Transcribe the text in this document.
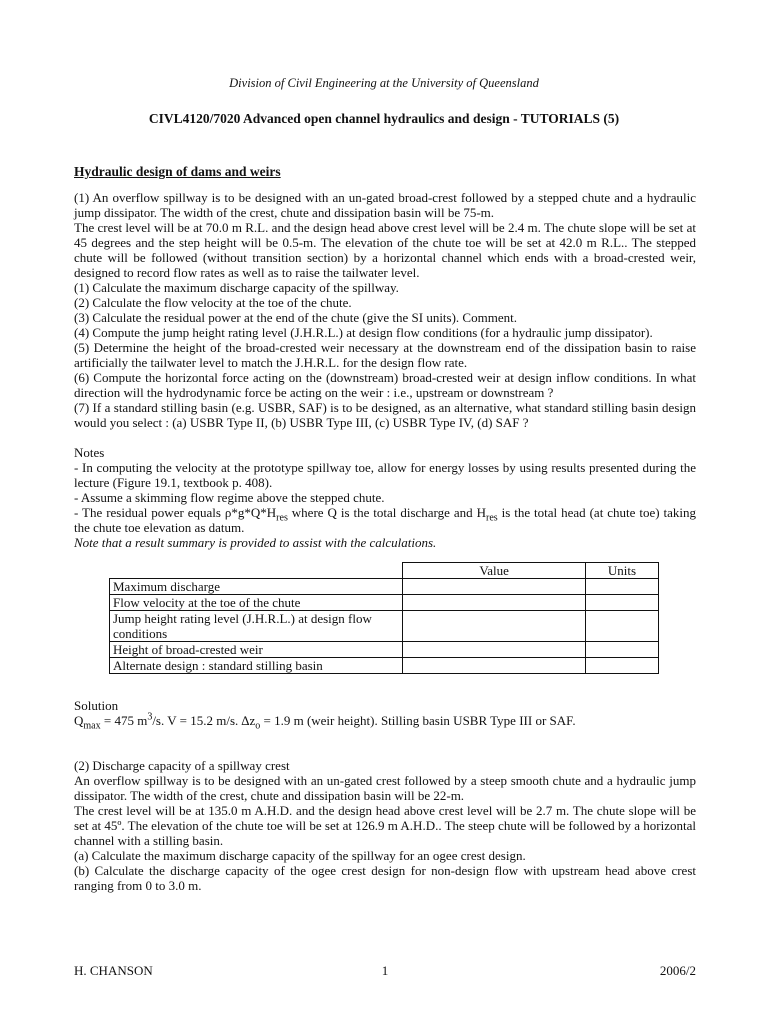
Division of Civil Engineering at the University of Queensland
CIVL4120/7020 Advanced open channel hydraulics and design - TUTORIALS (5)
Hydraulic design of dams and weirs

(1) An overflow spillway is to be designed with an un-gated broad-crest followed by a stepped chute and a hydraulic jump dissipator. The width of the crest, chute and dissipation basin will be 75-m.

The crest level will be at 70.0 m R.L. and the design head above crest level will be 2.4 m. The chute slope will be set at 45 degrees and the step height will be 0.5-m. The elevation of the chute toe will be set at 42.0 m R.L.. The stepped chute will be followed (without transition section) by a horizontal channel which ends with a broad-crested weir, designed to record flow rates as well as to raise the tailwater level.

(1) Calculate the maximum discharge capacity of the spillway.

(2) Calculate the flow velocity at the toe of the chute.

(3) Calculate the residual power at the end of the chute (give the SI units). Comment.

(4) Compute the jump height rating level (J.H.R.L.) at design flow conditions (for a hydraulic jump dissipator).

(5) Determine the height of the broad-crested weir necessary at the downstream end of the dissipation basin to raise artificially the tailwater level to match the J.H.R.L. for the design flow rate.

(6) Compute the horizontal force acting on the (downstream) broad-crested weir at design inflow conditions. In what direction will the hydrodynamic force be acting on the weir : i.e., upstream or downstream ?

(7) If a standard stilling basin (e.g. USBR, SAF) is to be designed, as an alternative, what standard stilling basin design would you select : (a) USBR Type II, (b) USBR Type III, (c) USBR Type IV, (d) SAF ?

Notes

- In computing the velocity at the prototype spillway toe, allow for energy losses by using results presented during the lecture (Figure 19.1, textbook p. 408).

- Assume a skimming flow regime above the stepped chute.

- The residual power equals $\rho*g*Q*H_{res}$ where Q is the total discharge and $H_{res}$ is the total head (at chute toe) taking the chute toe elevation as datum.

Note that a result summary is provided to assist with the calculations.

	Value	Units
Maximum discharge		
Flow velocity at the toe of the chute		
Jump height rating level (J.H.R.L.) at design flow conditions		
Height of broad-crested weir		
Alternate design : standard stilling basin		

Solution

$Q_{max} = 475$ $m^3/s$. V = 15.2 m/s. $\Delta z_o = 1.9$ m (weir height). Stilling basin USBR Type III or SAF.

(2) Discharge capacity of a spillway crest

An overflow spillway is to be designed with an un-gated crest followed by a steep smooth chute and a hydraulic jump dissipator. The width of the crest, chute and dissipation basin will be 22-m.

The crest level will be at 135.0 m A.H.D. and the design head above crest level will be 2.7 m. The chute slope will be set at 45º. The elevation of the chute toe will be set at 126.9 m A.H.D.. The steep chute will be followed by a horizontal channel with a stilling basin.

(a) Calculate the maximum discharge capacity of the spillway for an ogee crest design.

(b) Calculate the discharge capacity of the ogee crest design for non-design flow with upstream head above crest ranging from 0 to 3.0 m.

H. CHANSON	1	2006/2
